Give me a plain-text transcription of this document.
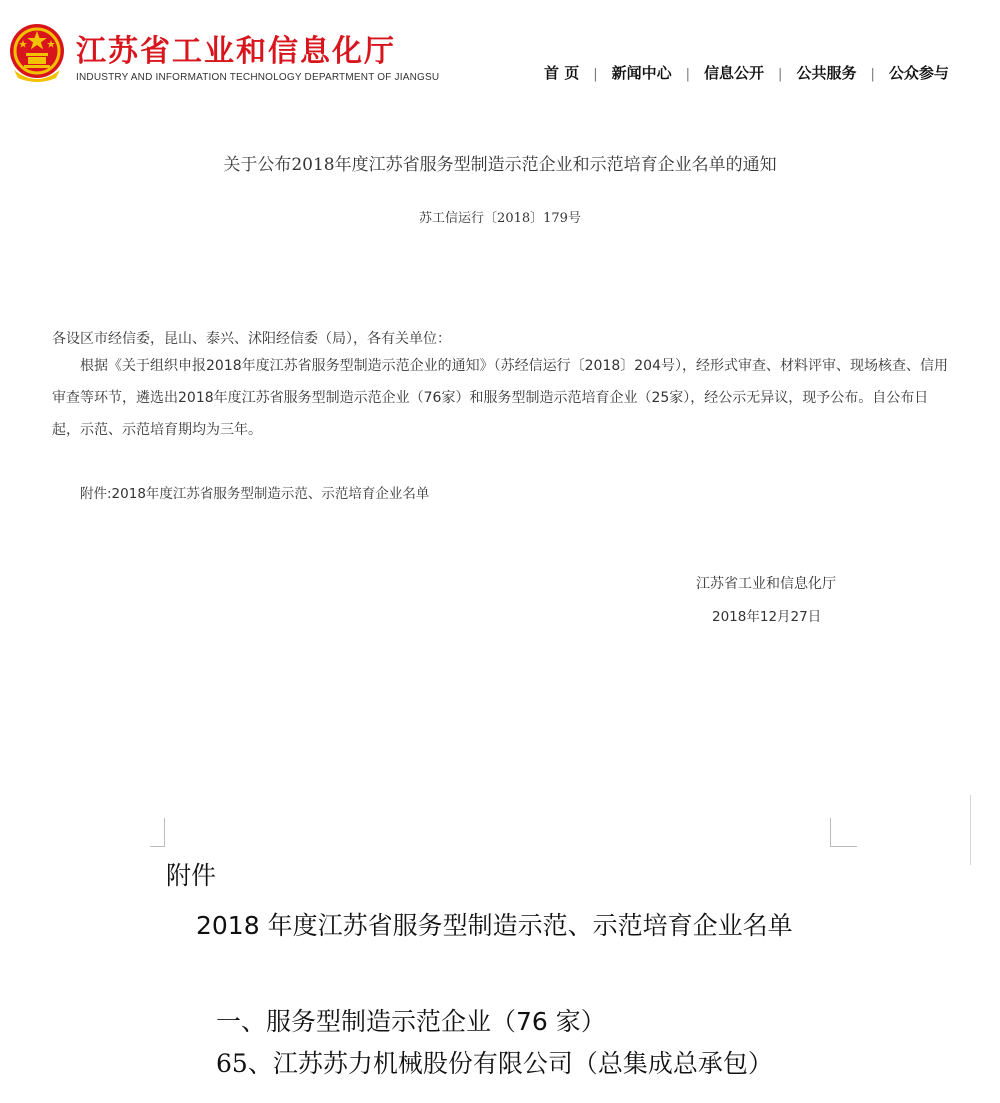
江苏省工业和信息化厅
INDUSTRY AND INFORMATION TECHNOLOGY DEPARTMENT OF JIANGSU	首 页 | 新闻中心 | 信息公开 | 公共服务 | 公众参与
关于公布2018年度江苏省服务型制造示范企业和示范培育企业名单的通知
苏工信运行〔2018〕179号
各设区市经信委，昆山、泰兴、沭阳经信委（局），各有关单位：
根据《关于组织申报2018年度江苏省服务型制造示范企业的通知》（苏经信运行〔2018〕204号），经形式审查、材料评审、现场核查、信用审查等环节，遴选出2018年度江苏省服务型制造示范企业（76家）和服务型制造示范培育企业（25家），经公示无异议，现予公布。自公布日起，示范、示范培育期均为三年。
附件:2018年度江苏省服务型制造示范、示范培育企业名单
江苏省工业和信息化厅
2018年12月27日
附件
2018 年度江苏省服务型制造示范、示范培育企业名单
一、服务型制造示范企业（76 家）
65、江苏苏力机械股份有限公司（总集成总承包）
